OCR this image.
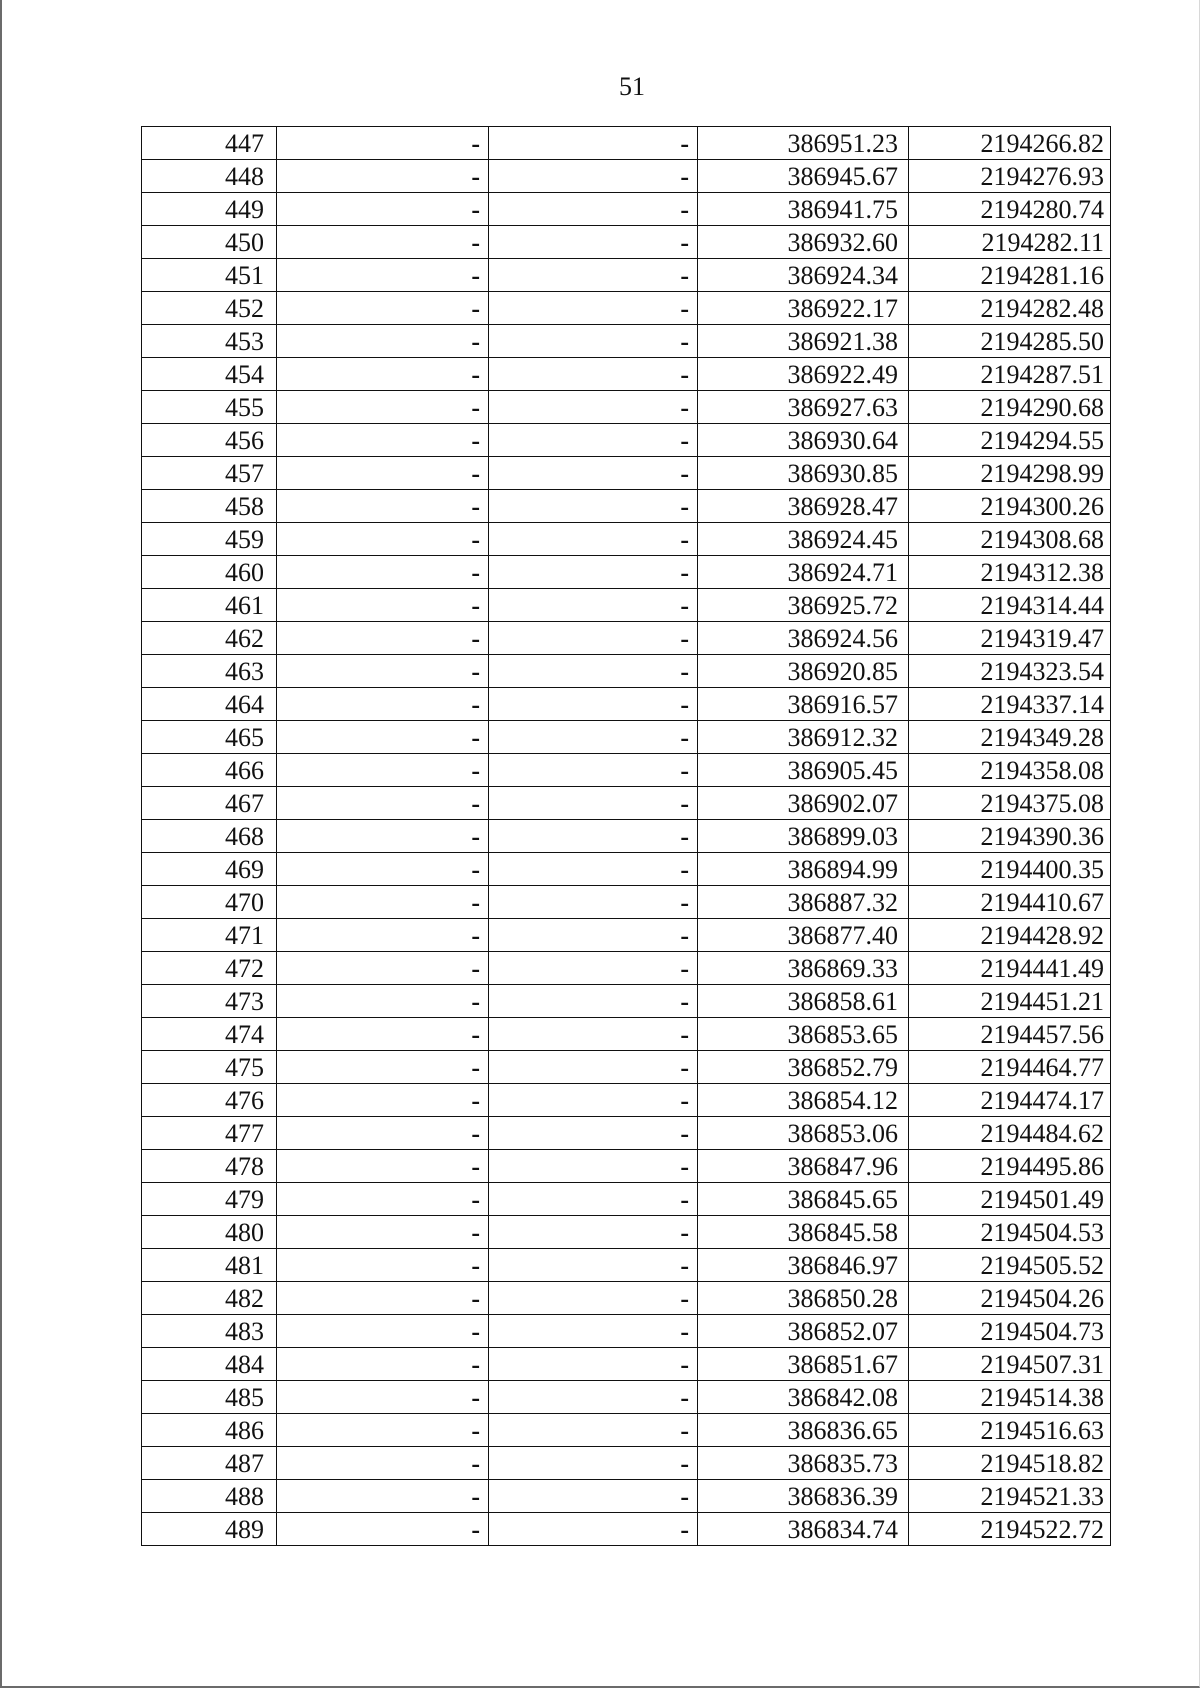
51
447	-	-	386951.23	2194266.82
448	-	-	386945.67	2194276.93
449	-	-	386941.75	2194280.74
450	-	-	386932.60	2194282.11
451	-	-	386924.34	2194281.16
452	-	-	386922.17	2194282.48
453	-	-	386921.38	2194285.50
454	-	-	386922.49	2194287.51
455	-	-	386927.63	2194290.68
456	-	-	386930.64	2194294.55
457	-	-	386930.85	2194298.99
458	-	-	386928.47	2194300.26
459	-	-	386924.45	2194308.68
460	-	-	386924.71	2194312.38
461	-	-	386925.72	2194314.44
462	-	-	386924.56	2194319.47
463	-	-	386920.85	2194323.54
464	-	-	386916.57	2194337.14
465	-	-	386912.32	2194349.28
466	-	-	386905.45	2194358.08
467	-	-	386902.07	2194375.08
468	-	-	386899.03	2194390.36
469	-	-	386894.99	2194400.35
470	-	-	386887.32	2194410.67
471	-	-	386877.40	2194428.92
472	-	-	386869.33	2194441.49
473	-	-	386858.61	2194451.21
474	-	-	386853.65	2194457.56
475	-	-	386852.79	2194464.77
476	-	-	386854.12	2194474.17
477	-	-	386853.06	2194484.62
478	-	-	386847.96	2194495.86
479	-	-	386845.65	2194501.49
480	-	-	386845.58	2194504.53
481	-	-	386846.97	2194505.52
482	-	-	386850.28	2194504.26
483	-	-	386852.07	2194504.73
484	-	-	386851.67	2194507.31
485	-	-	386842.08	2194514.38
486	-	-	386836.65	2194516.63
487	-	-	386835.73	2194518.82
488	-	-	386836.39	2194521.33
489	-	-	386834.74	2194522.72
